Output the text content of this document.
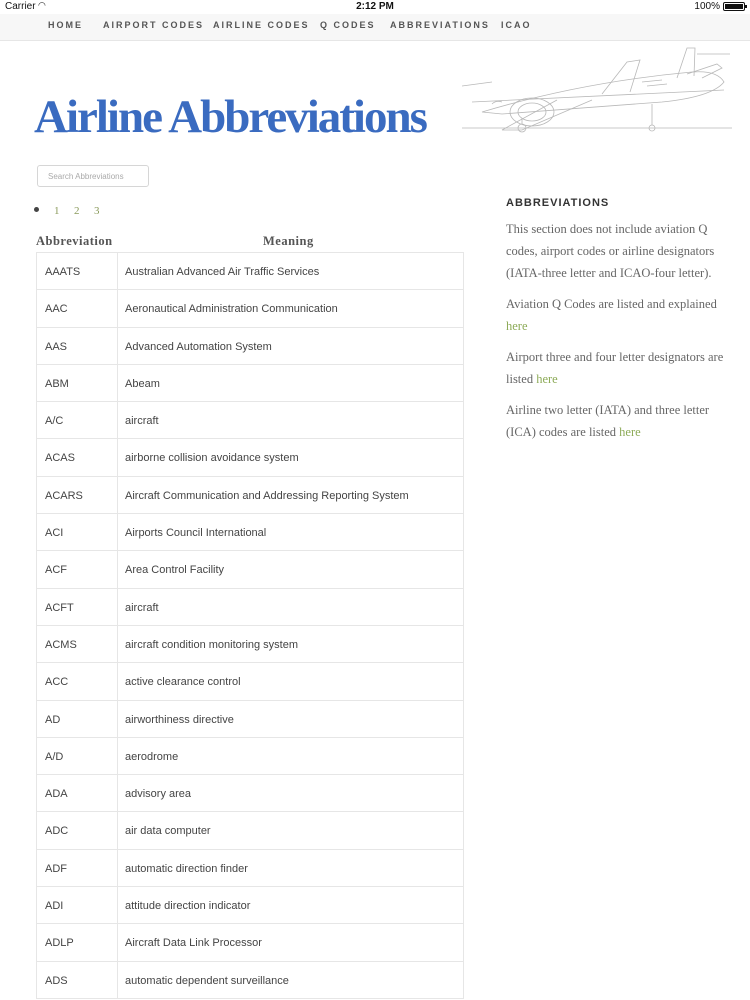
Carrier ◠	2:12 PM	100%
HOME AIRPORT CODES AIRLINE CODES Q CODES ABBREVIATIONS ICAO
Airline Abbreviations
Search Abbreviations
1 2 3
Abbreviation	Meaning
AAATS	Australian Advanced Air Traffic Services
AAC	Aeronautical Administration Communication
AAS	Advanced Automation System
ABM	Abeam
A/C	aircraft
ACAS	airborne collision avoidance system
ACARS	Aircraft Communication and Addressing Reporting System
ACI	Airports Council International
ACF	Area Control Facility
ACFT	aircraft
ACMS	aircraft condition monitoring system
ACC	active clearance control
AD	airworthiness directive
A/D	aerodrome
ADA	advisory area
ADC	air data computer
ADF	automatic direction finder
ADI	attitude direction indicator
ADLP	Aircraft Data Link Processor
ADS	automatic dependent surveillance
ABBREVIATIONS

This section does not include aviation Q codes, airport codes or airline designators (IATA-three letter and ICAO-four letter).

Aviation Q Codes are listed and explained here

Airport three and four letter designators are listed here

Airline two letter (IATA) and three letter (ICA) codes are listed here
